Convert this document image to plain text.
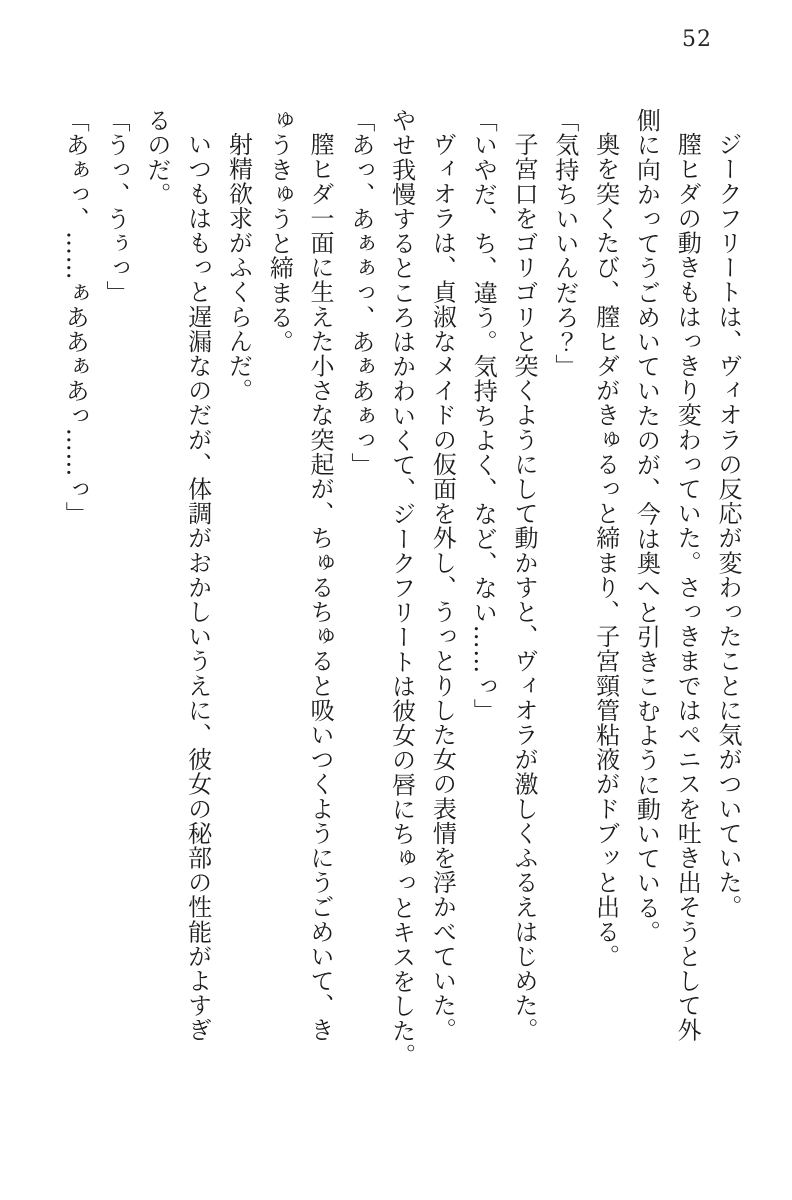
52

ジークフリートは、ヴィオラの反応が変わったことに気がついていた。

膣ヒダの動きもはっきり変わっていた。さっきまではペニスを吐き出そうとして外

側に向かってうごめいていたのが、今は奥へと引きこむように動いている。

奥を突くたび、膣ヒダがきゅるっと締まり、子宮頸管粘液がドブッと出る。

「気持ちいいんだろ？」

子宮口をゴリゴリと突くようにして動かすと、ヴィオラが激しくふるえはじめた。

「いやだ、ち、違う。気持ちよく、など、ない……っ」

ヴィオラは、貞淑なメイドの仮面を外し、うっとりした女の表情を浮かべていた。

やせ我慢するところはかわいくて、ジークフリートは彼女の唇にちゅっとキスをした。

「あっ、あぁぁっ、あぁあぁっ」

膣ヒダ一面に生えた小さな突起が、ちゅるちゅると吸いつくようにうごめいて、き

ゅうきゅうと締まる。

射精欲求がふくらんだ。

いつもはもっと遅漏なのだが、体調がおかしいうえに、彼女の秘部の性能がよすぎ

るのだ。

「うっ、うぅっ」

「あぁっ、……ぁああぁあっ……っ」
